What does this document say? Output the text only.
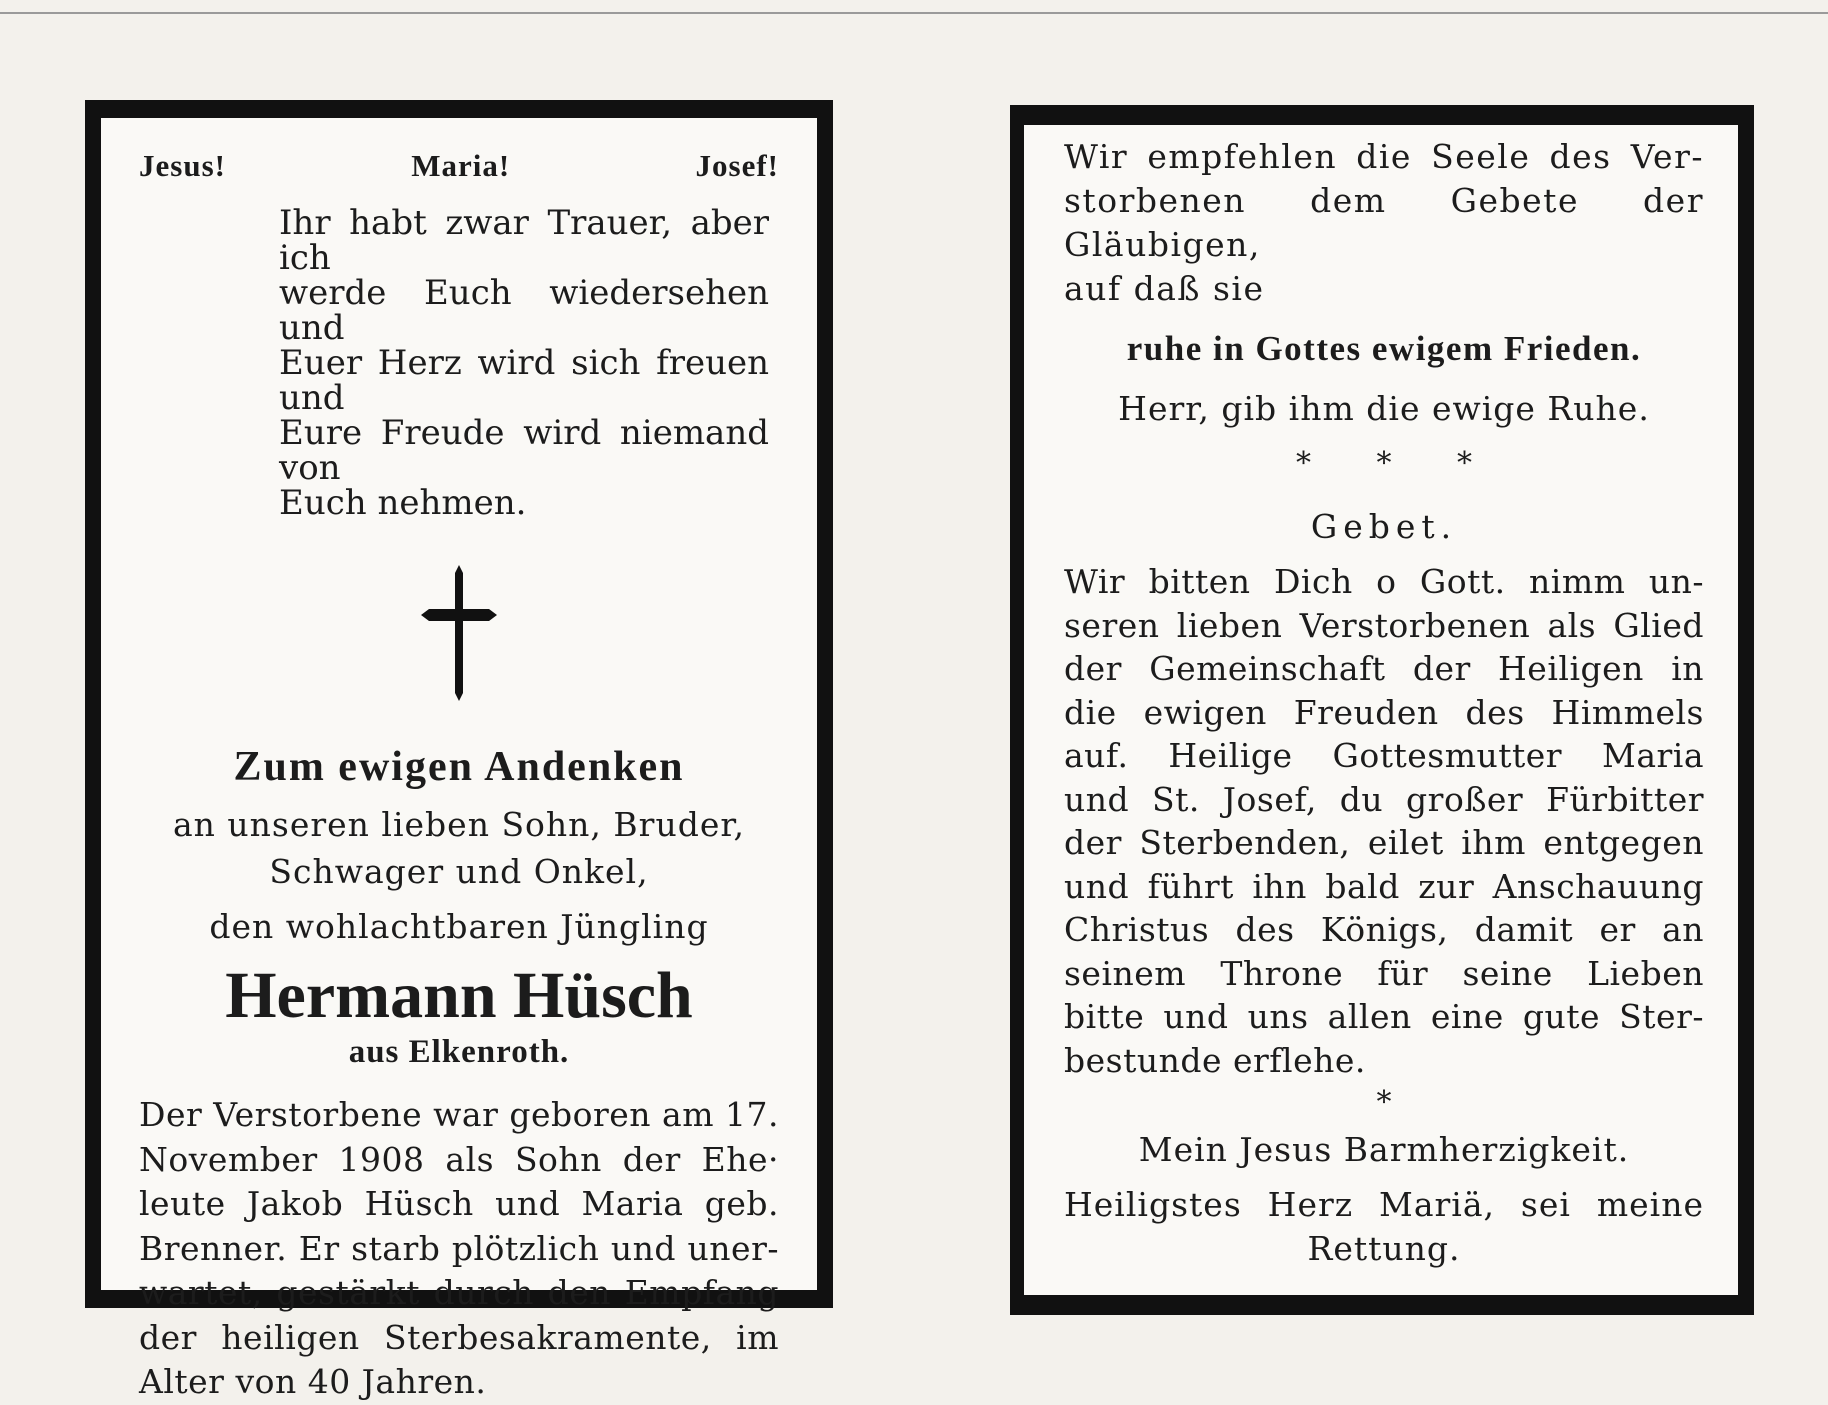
Jesus!	Maria!	Josef!
Ihr habt zwar Trauer, aber ich
werde Euch wiedersehen und
Euer Herz wird sich freuen und
Eure Freude wird niemand von
Euch nehmen.
Zum ewigen Andenken
an unseren lieben Sohn, Bruder,
Schwager und Onkel,
den wohlachtbaren Jüngling
Hermann Hüsch
aus Elkenroth.
Der Verstorbene war geboren am 17.
November 1908 als Sohn der Ehe·
leute Jakob Hüsch und Maria geb.
Brenner. Er starb plötzlich und uner-
wartet, gestärkt durch den Empfang
der heiligen Sterbesakramente, im
Alter von 40 Jahren.
Wir empfehlen die Seele des Ver-
storbenen dem Gebete der Gläubigen,
auf daß sie
ruhe in Gottes ewigem Frieden.
Herr, gib ihm die ewige Ruhe.
* * *
Gebet.
Wir bitten Dich o Gott. nimm un-
seren lieben Verstorbenen als Glied
der Gemeinschaft der Heiligen in
die ewigen Freuden des Himmels
auf. Heilige Gottesmutter Maria
und St. Josef, du großer Fürbitter
der Sterbenden, eilet ihm entgegen
und führt ihn bald zur Anschauung
Christus des Königs, damit er an
seinem Throne für seine Lieben
bitte und uns allen eine gute Ster-
bestunde erflehe.
*
Mein Jesus Barmherzigkeit.
Heiligstes Herz Mariä, sei meine
Rettung.
